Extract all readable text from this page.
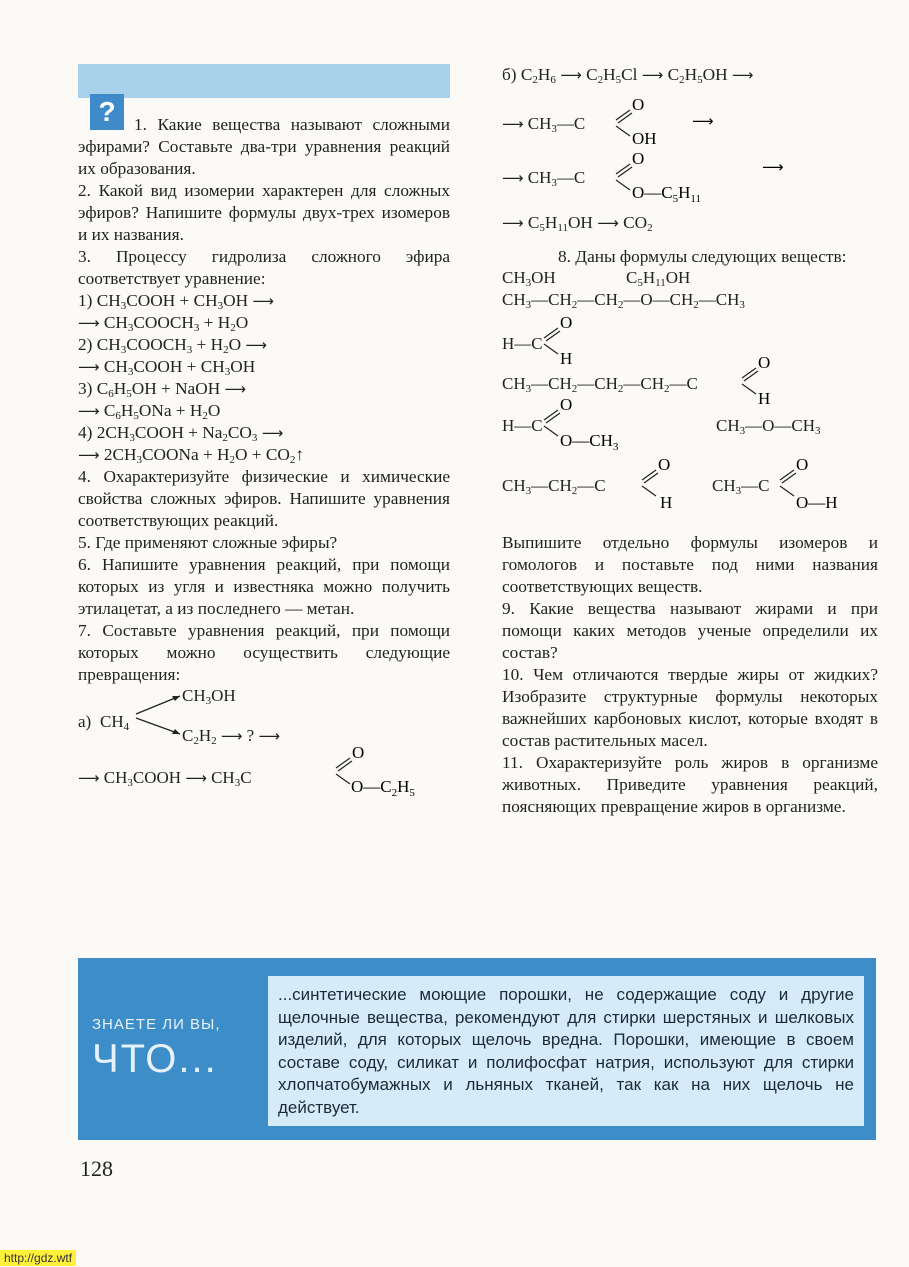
?	1. Какие вещества называют сложными эфирами? Составьте два-три уравнения реакций их образования.

2. Какой вид изомерии характерен для сложных эфиров? Напишите формулы двух-трех изомеров и их названия.

3. Процессу гидролиза сложного эфира соответствует уравнение:

1) $CH_3COOH + CH_3OH$ ⟶
⟶ $CH_3COOCH_3 + H_2O$
2) $CH_3COOCH_3 + H_2O$ ⟶
⟶ $CH_3COOH + CH_3OH$
3) $C_6H_5OH$ + NaOH ⟶
⟶ $C_6H_5ONa + H_2O$
4) $2CH_3COOH + Na_2CO_3$ ⟶
⟶ $2CH_3COONa + H_2O$ + $CO_2↑$

4. Охарактеризуйте физические и химические свойства сложных эфиров. Напишите уравнения соответствующих реакций.

5. Где применяют сложные эфиры?

6. Напишите уравнения реакций, при помощи которых из угля и известняка можно получить этилацетат, а из последнего — метан.

7. Составьте уравнения реакций, при помощи которых можно осуществить следующие превращения:

а) $CH_4$
$CH_3OH$
$C_2H_2$ ⟶ ? ⟶
⟶ $CH_3COOH$ ⟶ $CH_3C$
O
$O—C_2H_5$
б) $C_2H_6$ ⟶ $C_2H_5Cl$ ⟶ $C_2H_5OH$ ⟶
⟶ $CH_3—C$
O
OH
⟶
⟶ $CH_3—C$
O
$O—C_5H_{11}$
⟶
⟶ $C_5H_{11}OH$ ⟶ $CO_2$

8. Даны формулы следующих веществ:

$CH_3OH$	$C_5H_{11}OH$
$CH_3—CH_2—CH_2—O—CH_2—CH_3$
H—C
O
H
$CH_3—CH_2—CH_2—CH_2—C$
O
H
H—C
O
$O—CH_3$
$CH_3—O—CH_3$
$CH_3—CH_2—C$
O
H
$CH_3—C$
O
O—H

Выпишите отдельно формулы изомеров и гомологов и поставьте под ними названия соответствующих веществ.

9. Какие вещества называют жирами и при помощи каких методов ученые определили их состав?

10. Чем отличаются твердые жиры от жидких? Изобразите структурные формулы некоторых важнейших карбоновых кислот, которые входят в состав растительных масел.

11. Охарактеризуйте роль жиров в организме животных. Приведите уравнения реакций, поясняющих превращение жиров в организме.

ЗНАЕТЕ ЛИ ВЫ,
ЧТО...
...синтетические моющие порошки, не содержащие соду и другие щелочные вещества, рекомендуют для стирки шерстяных и шелковых изделий, для которых щелочь вредна. Порошки, имеющие в своем составе соду, силикат и полифосфат натрия, используют для стирки хлопчатобумажных и льняных тканей, так как на них щелочь не действует.
128
http://gdz.wtf
